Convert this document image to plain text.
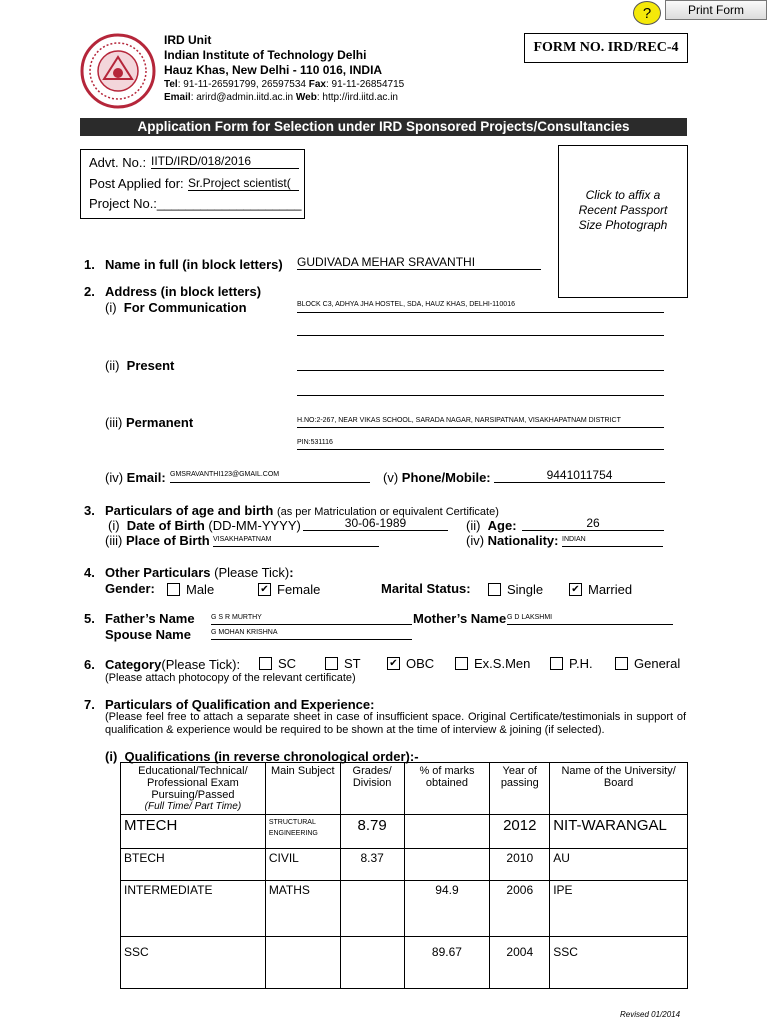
?	Print Form
IRD Unit
Indian Institute of Technology Delhi
Hauz Khas, New Delhi - 110 016, INDIA
Tel: 91-11-26591799, 26597534 Fax: 91-11-26854715
Email: arird@admin.iitd.ac.in Web: http://ird.iitd.ac.in
FORM NO. IRD/REC-4
Application Form for Selection under IRD Sponsored Projects/Consultancies
Advt. No.: IITD/IRD/018/2016
Post Applied for: Sr.Project scientist(
Project No.:____________________
Click to affix a
Recent Passport
Size Photograph
1. Name in full (in block letters) GUDIVADA MEHAR SRAVANTHI
2. Address (in block letters)
(i) For Communication	BLOCK C3, ADHYA JHA HOSTEL, SDA, HAUZ KHAS, DELHI-110016
(ii) Present
(iii) Permanent	H.NO:2-267, NEAR VIKAS SCHOOL, SARADA NAGAR, NARSIPATNAM, VISAKHAPATNAM DISTRICT
PIN:531116
(iv) Email: GMSRAVANTHI123@GMAIL.COM	(v) Phone/Mobile:	9441011754
3. Particulars of age and birth (as per Matriculation or equivalent Certificate)
(i) Date of Birth (DD-MM-YYYY)	30-06-1989	(ii) Age:	26
(iii) Place of Birth VISAKHAPATNAM	(iv) Nationality: INDIAN
4. Other Particulars (Please Tick):
Gender: Male	✔ Female	Marital Status:	Single	✔ Married
5. Father’s Name G S R MURTHY	Mother’s Name G D LAKSHMI
Spouse Name	G MOHAN KRISHNA
6. Category(Please Tick):	SC	ST	✔ OBC	Ex.S.Men	P.H.	General
(Please attach photocopy of the relevant certificate)
7. Particulars of Qualification and Experience:
(Please feel free to attach a separate sheet in case of insufficient space. Original Certificate/testimonials in support of qualification & experience would be required to be shown at the time of interview & joining (if selected).
(i) Qualifications (in reverse chronological order):-
Educational/Technical/ Professional Exam Pursuing/Passed
(Full Time/ Part Time)	Main Subject	Grades/ Division	% of marks obtained	Year of passing	Name of the University/ Board
MTECH	STRUCTURAL ENGINEERING	8.79		2012	NIT-WARANGAL
BTECH	CIVIL	8.37		2010	AU
INTERMEDIATE	MATHS		94.9	2006	IPE
SSC			89.67	2004	SSC
Revised 01/2014
